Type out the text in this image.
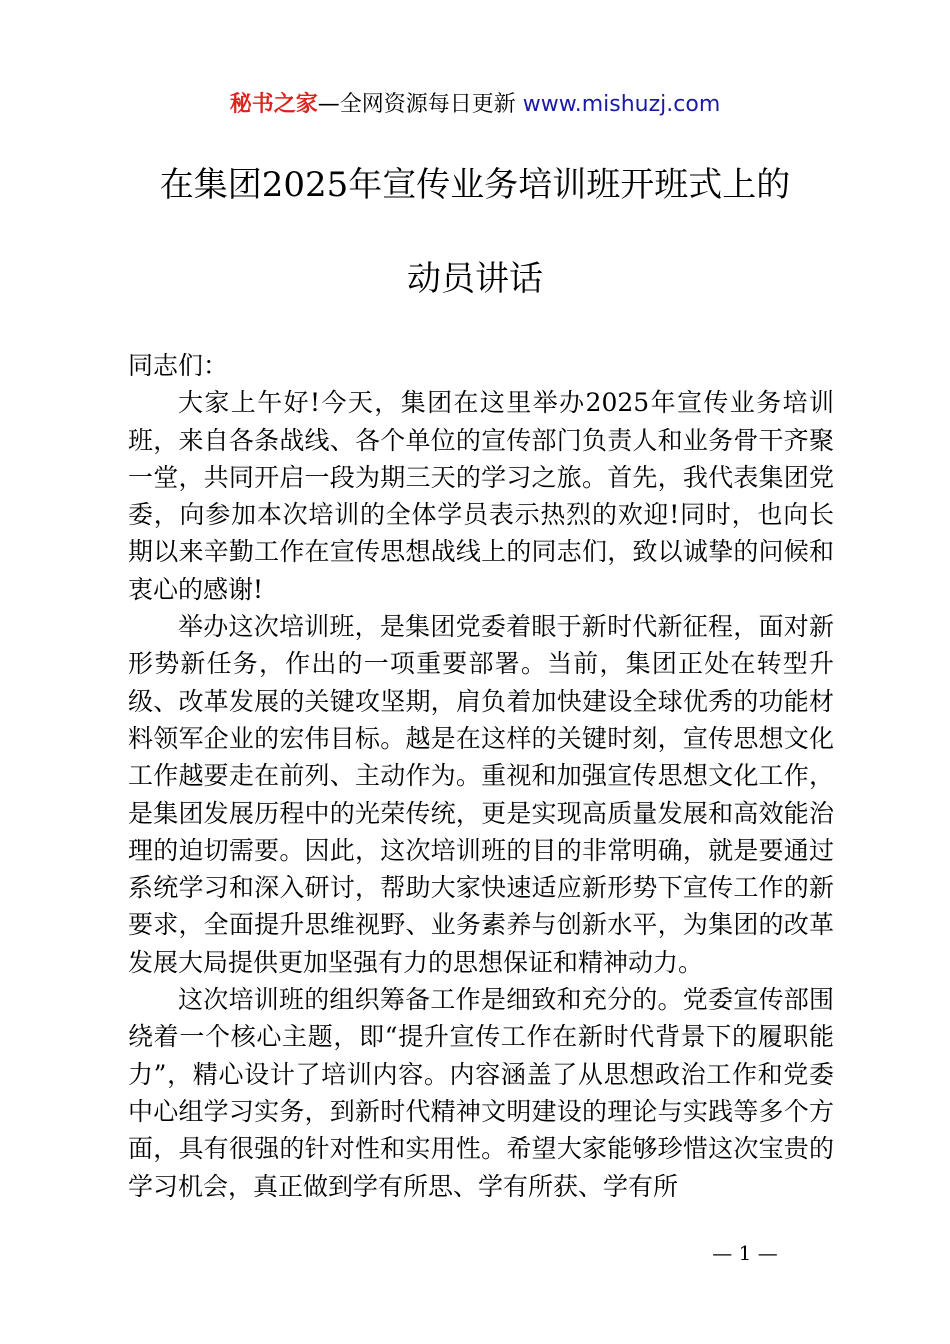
秘书之家—全网资源每日更新 www.mishuzj.com
在集团2025年宣传业务培训班开班式上的
动员讲话

同志们：

大家上午好!今天，集团在这里举办2025年宣传业务培训班，来自各条战线、各个单位的宣传部门负责人和业务骨干齐聚一堂，共同开启一段为期三天的学习之旅。首先，我代表集团党委，向参加本次培训的全体学员表示热烈的欢迎!同时，也向长期以来辛勤工作在宣传思想战线上的同志们，致以诚挚的问候和衷心的感谢!

举办这次培训班，是集团党委着眼于新时代新征程，面对新形势新任务，作出的一项重要部署。当前，集团正处在转型升级、改革发展的关键攻坚期，肩负着加快建设全球优秀的功能材料领军企业的宏伟目标。越是在这样的关键时刻，宣传思想文化工作越要走在前列、主动作为。重视和加强宣传思想文化工作，是集团发展历程中的光荣传统，更是实现高质量发展和高效能治理的迫切需要。因此，这次培训班的目的非常明确，就是要通过系统学习和深入研讨，帮助大家快速适应新形势下宣传工作的新要求，全面提升思维视野、业务素养与创新水平，为集团的改革发展大局提供更加坚强有力的思想保证和精神动力。

这次培训班的组织筹备工作是细致和充分的。党委宣传部围绕着一个核心主题，即“提升宣传工作在新时代背景下的履职能力”，精心设计了培训内容。内容涵盖了从思想政治工作和党委中心组学习实务，到新时代精神文明建设的理论与实践等多个方面，具有很强的针对性和实用性。希望大家能够珍惜这次宝贵的学习机会，真正做到学有所思、学有所获、学有所

— 1 —
